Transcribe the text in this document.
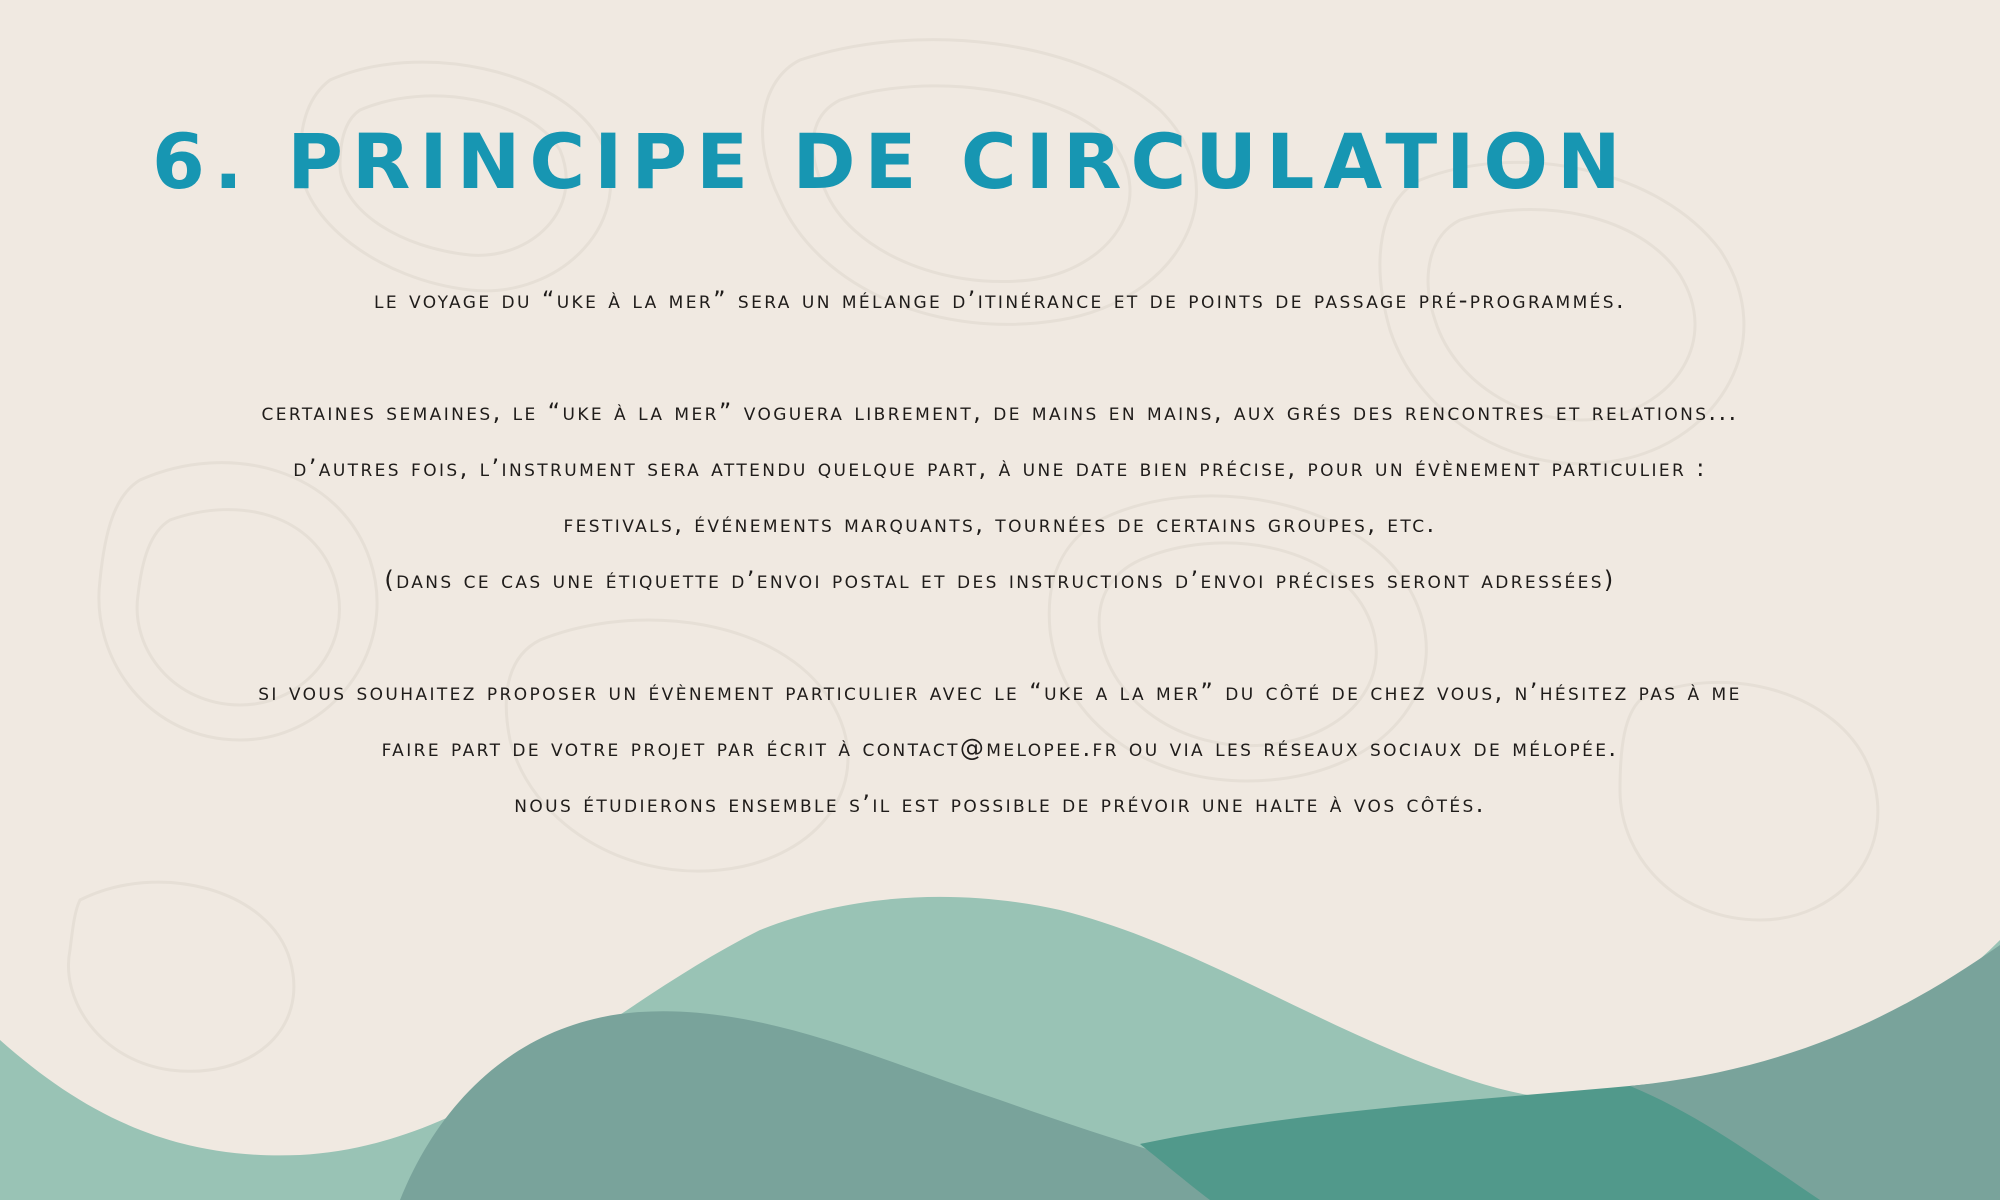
6. PRINCIPE DE CIRCULATION

le voyage du “uke à la mer” sera un mélange d’itinérance et de points de passage pré-programmés.

certaines semaines, le “uke à la mer” voguera librement, de mains en mains, aux grés des rencontres et relations...
d’autres fois, l’instrument sera attendu quelque part, à une date bien précise, pour un évènement particulier :
festivals, événements marquants, tournées de certains groupes, etc.
(dans ce cas une étiquette d’envoi postal et des instructions d’envoi précises seront adressées)

si vous souhaitez proposer un évènement particulier avec le “uke a la mer” du côté de chez vous, n’hésitez pas à me
faire part de votre projet par écrit à contact@melopee.fr ou via les réseaux sociaux de mélopée.
nous étudierons ensemble s’il est possible de prévoir une halte à vos côtés.
